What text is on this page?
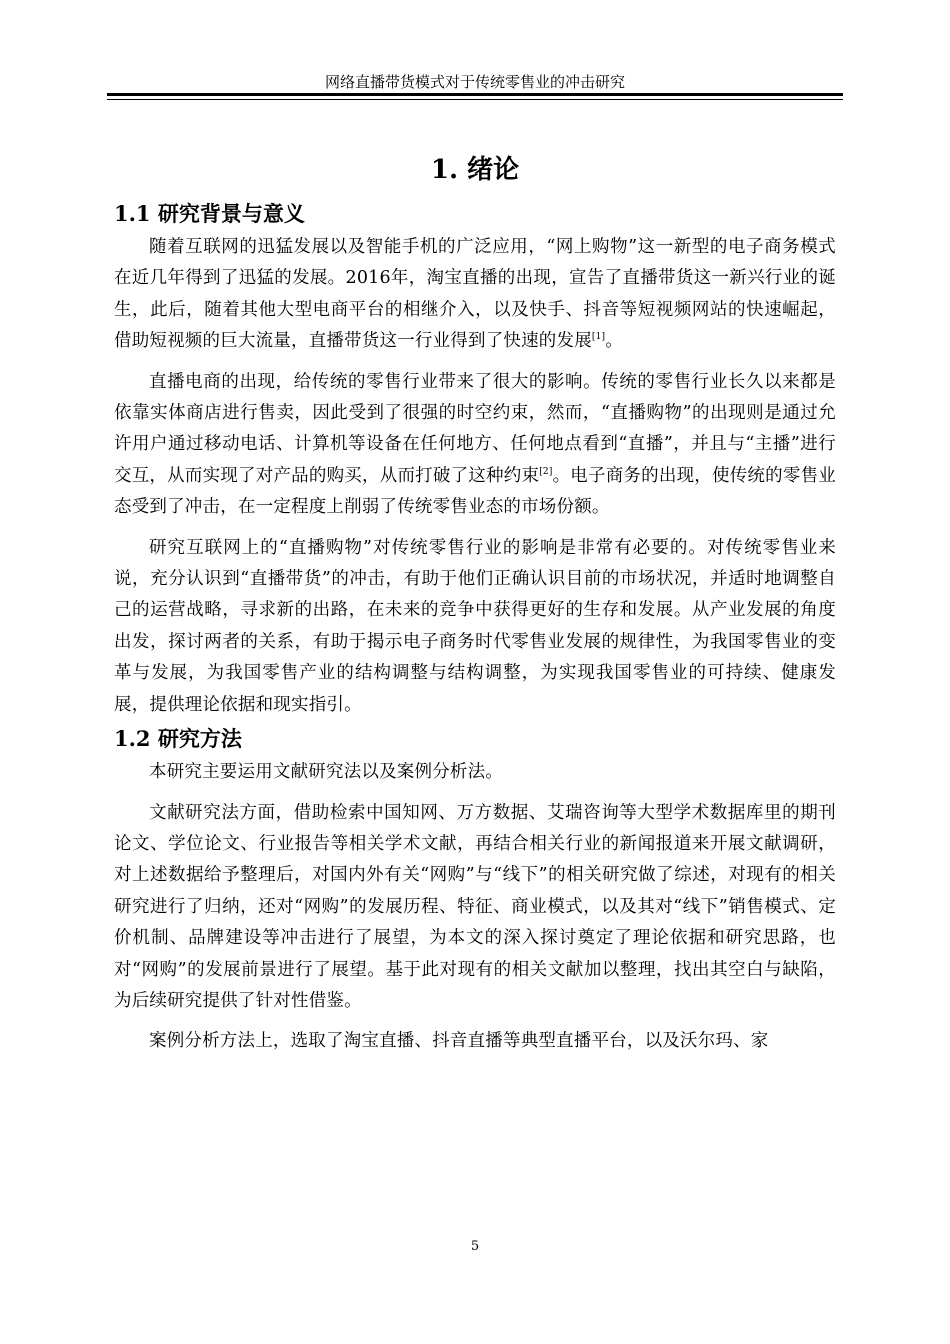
网络直播带货模式对于传统零售业的冲击研究
1. 绪论
1.1 研究背景与意义

随着互联网的迅猛发展以及智能手机的广泛应用，“网上购物”这一新型的电子商务模式在近几年得到了迅猛的发展。2016年，淘宝直播的出现，宣告了直播带货这一新兴行业的诞生，此后，随着其他大型电商平台的相继介入，以及快手、抖音等短视频网站的快速崛起，借助短视频的巨大流量，直播带货这一行业得到了快速的发展[1]。

直播电商的出现，给传统的零售行业带来了很大的影响。传统的零售行业长久以来都是依靠实体商店进行售卖，因此受到了很强的时空约束，然而，“直播购物”的出现则是通过允许用户通过移动电话、计算机等设备在任何地方、任何地点看到“直播”，并且与“主播”进行交互，从而实现了对产品的购买，从而打破了这种约束[2]。电子商务的出现，使传统的零售业态受到了冲击，在一定程度上削弱了传统零售业态的市场份额。

研究互联网上的“直播购物”对传统零售行业的影响是非常有必要的。对传统零售业来说，充分认识到“直播带货”的冲击，有助于他们正确认识目前的市场状况，并适时地调整自己的运营战略，寻求新的出路，在未来的竞争中获得更好的生存和发展。从产业发展的角度出发，探讨两者的关系，有助于揭示电子商务时代零售业发展的规律性，为我国零售业的变革与发展，为我国零售产业的结构调整与结构调整，为实现我国零售业的可持续、健康发展，提供理论依据和现实指引。

1.2 研究方法

本研究主要运用文献研究法以及案例分析法。

文献研究法方面，借助检索中国知网、万方数据、艾瑞咨询等大型学术数据库里的期刊论文、学位论文、行业报告等相关学术文献，再结合相关行业的新闻报道来开展文献调研，对上述数据给予整理后，对国内外有关“网购”与“线下”的相关研究做了综述，对现有的相关研究进行了归纳，还对“网购”的发展历程、特征、商业模式，以及其对“线下”销售模式、定价机制、品牌建设等冲击进行了展望，为本文的深入探讨奠定了理论依据和研究思路，也对“网购”的发展前景进行了展望。基于此对现有的相关文献加以整理，找出其空白与缺陷，为后续研究提供了针对性借鉴。

案例分析方法上，选取了淘宝直播、抖音直播等典型直播平台，以及沃尔玛、家

5
